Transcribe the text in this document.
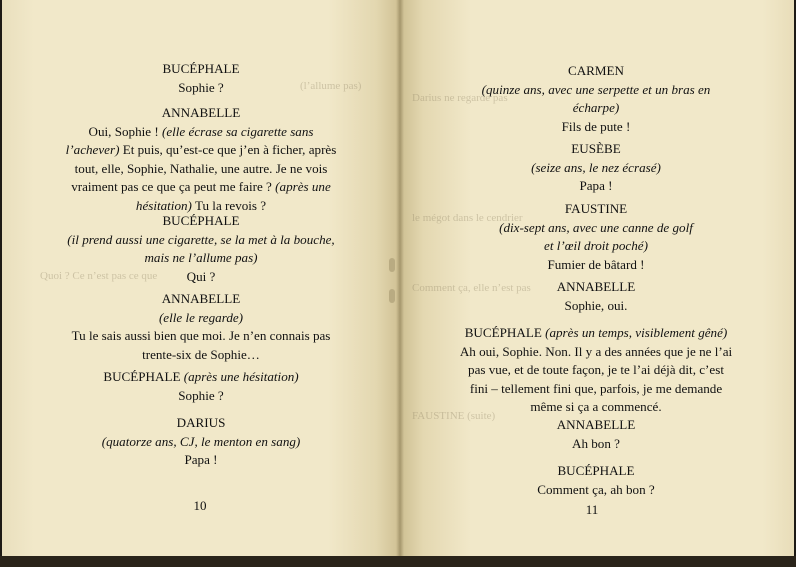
(l’allume pas)
Darius ne regarde pas
le mégot dans le cendrier
Quoi ? Ce n’est pas ce que
Comment ça, elle n’est pas
FAUSTINE (suite)
BUCÉPHALE
Sophie ?
ANNABELLE
Oui, Sophie ! (elle écrase sa cigarette sans
l’achever) Et puis, qu’est-ce que j’en à ficher, après
tout, elle, Sophie, Nathalie, une autre. Je ne vois
vraiment pas ce que ça peut me faire ? (après une
hésitation) Tu la revois ?
BUCÉPHALE
(il prend aussi une cigarette, se la met à la bouche,
mais ne l’allume pas)
Qui ?
ANNABELLE
(elle le regarde)
Tu le sais aussi bien que moi. Je n’en connais pas
trente-six de Sophie…
BUCÉPHALE (après une hésitation)
Sophie ?
DARIUS
(quatorze ans, CJ, le menton en sang)
Papa !
CARMEN
(quinze ans, avec une serpette et un bras en
écharpe)
Fils de pute !
EUSÈBE
(seize ans, le nez écrasé)
Papa !
FAUSTINE
(dix-sept ans, avec une canne de golf
et l’œil droit poché)
Fumier de bâtard !
ANNABELLE
Sophie, oui.
BUCÉPHALE (après un temps, visiblement gêné)
Ah oui, Sophie. Non. Il y a des années que je ne l’ai
pas vue, et de toute façon, je te l’ai déjà dit, c’est
fini – tellement fini que, parfois, je me demande
même si ça a commencé.
ANNABELLE
Ah bon ?
BUCÉPHALE
Comment ça, ah bon ?
10	11
